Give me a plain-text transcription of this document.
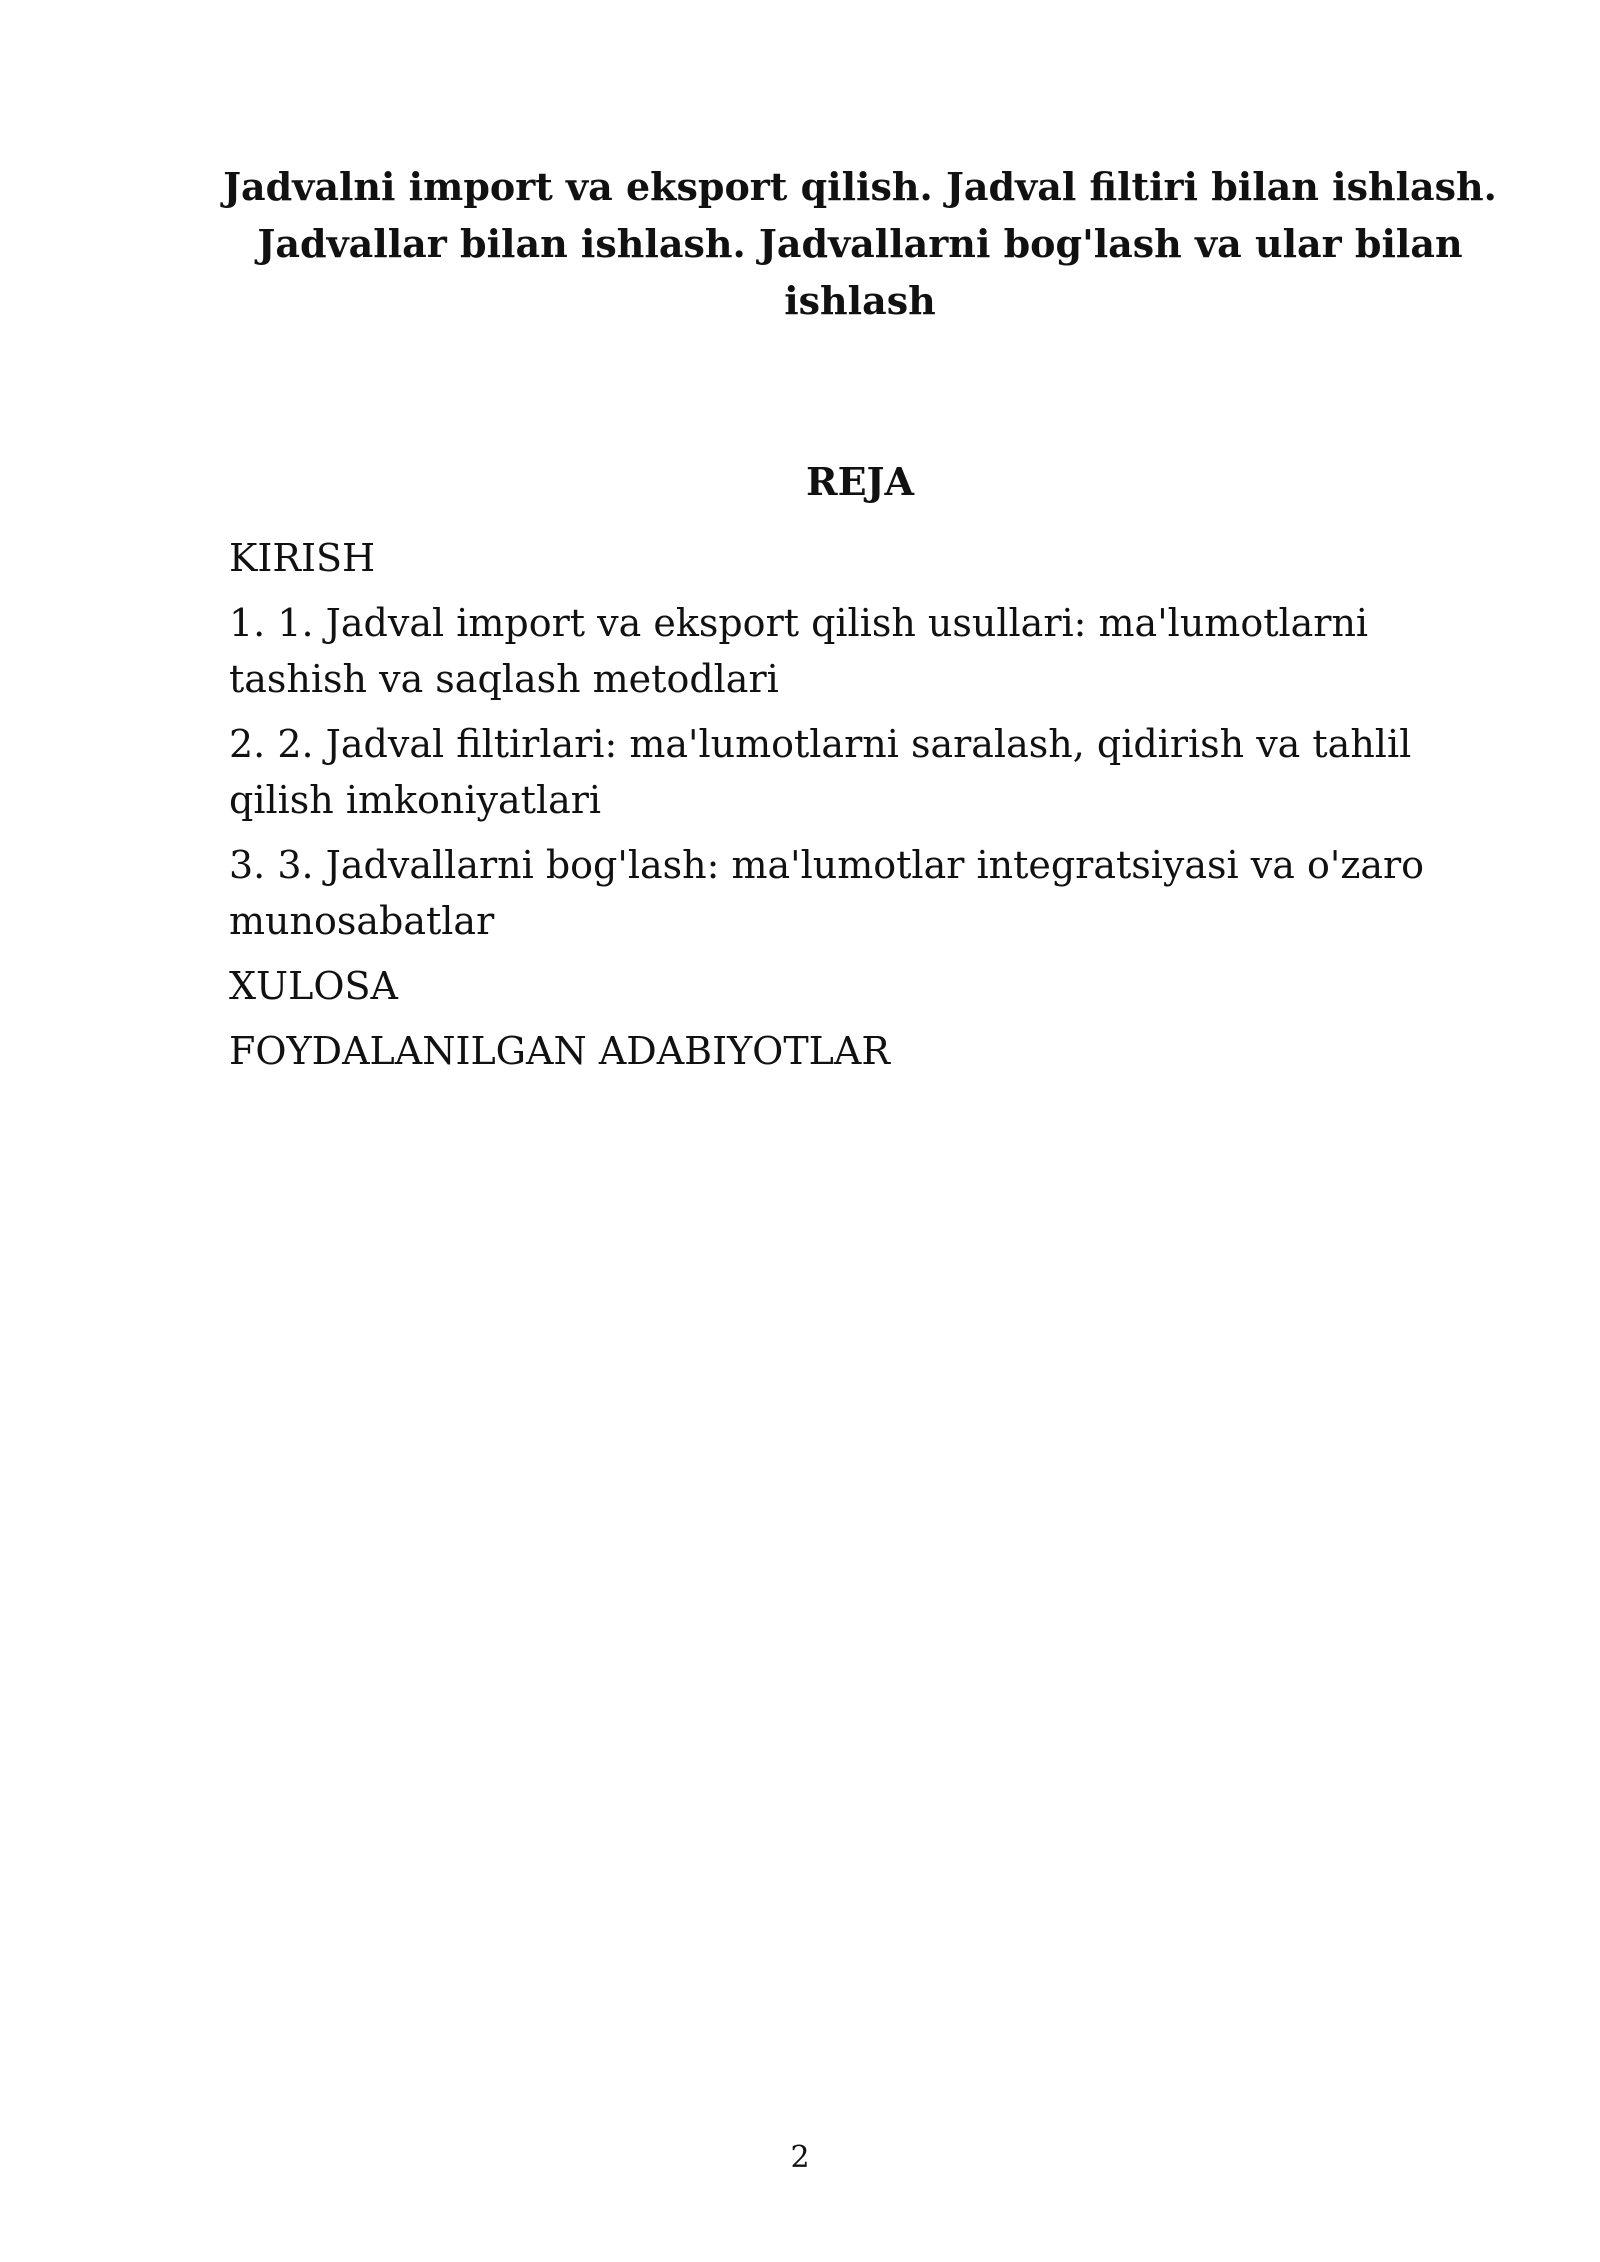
Jadvalni import va eksport qilish. Jadval filtiri bilan ishlash. Jadvallar bilan ishlash. Jadvallarni bog'lash va ular bilan ishlash
REJA
KIRISH
1. 1. Jadval import va eksport qilish usullari: ma'lumotlarni tashish va saqlash metodlari
2. 2. Jadval filtirlari: ma'lumotlarni saralash, qidirish va tahlil qilish imkoniyatlari
3. 3. Jadvallarni bog'lash: ma'lumotlar integratsiyasi va o'zaro munosabatlar
XULOSA
FOYDALANILGAN ADABIYOTLAR
2
